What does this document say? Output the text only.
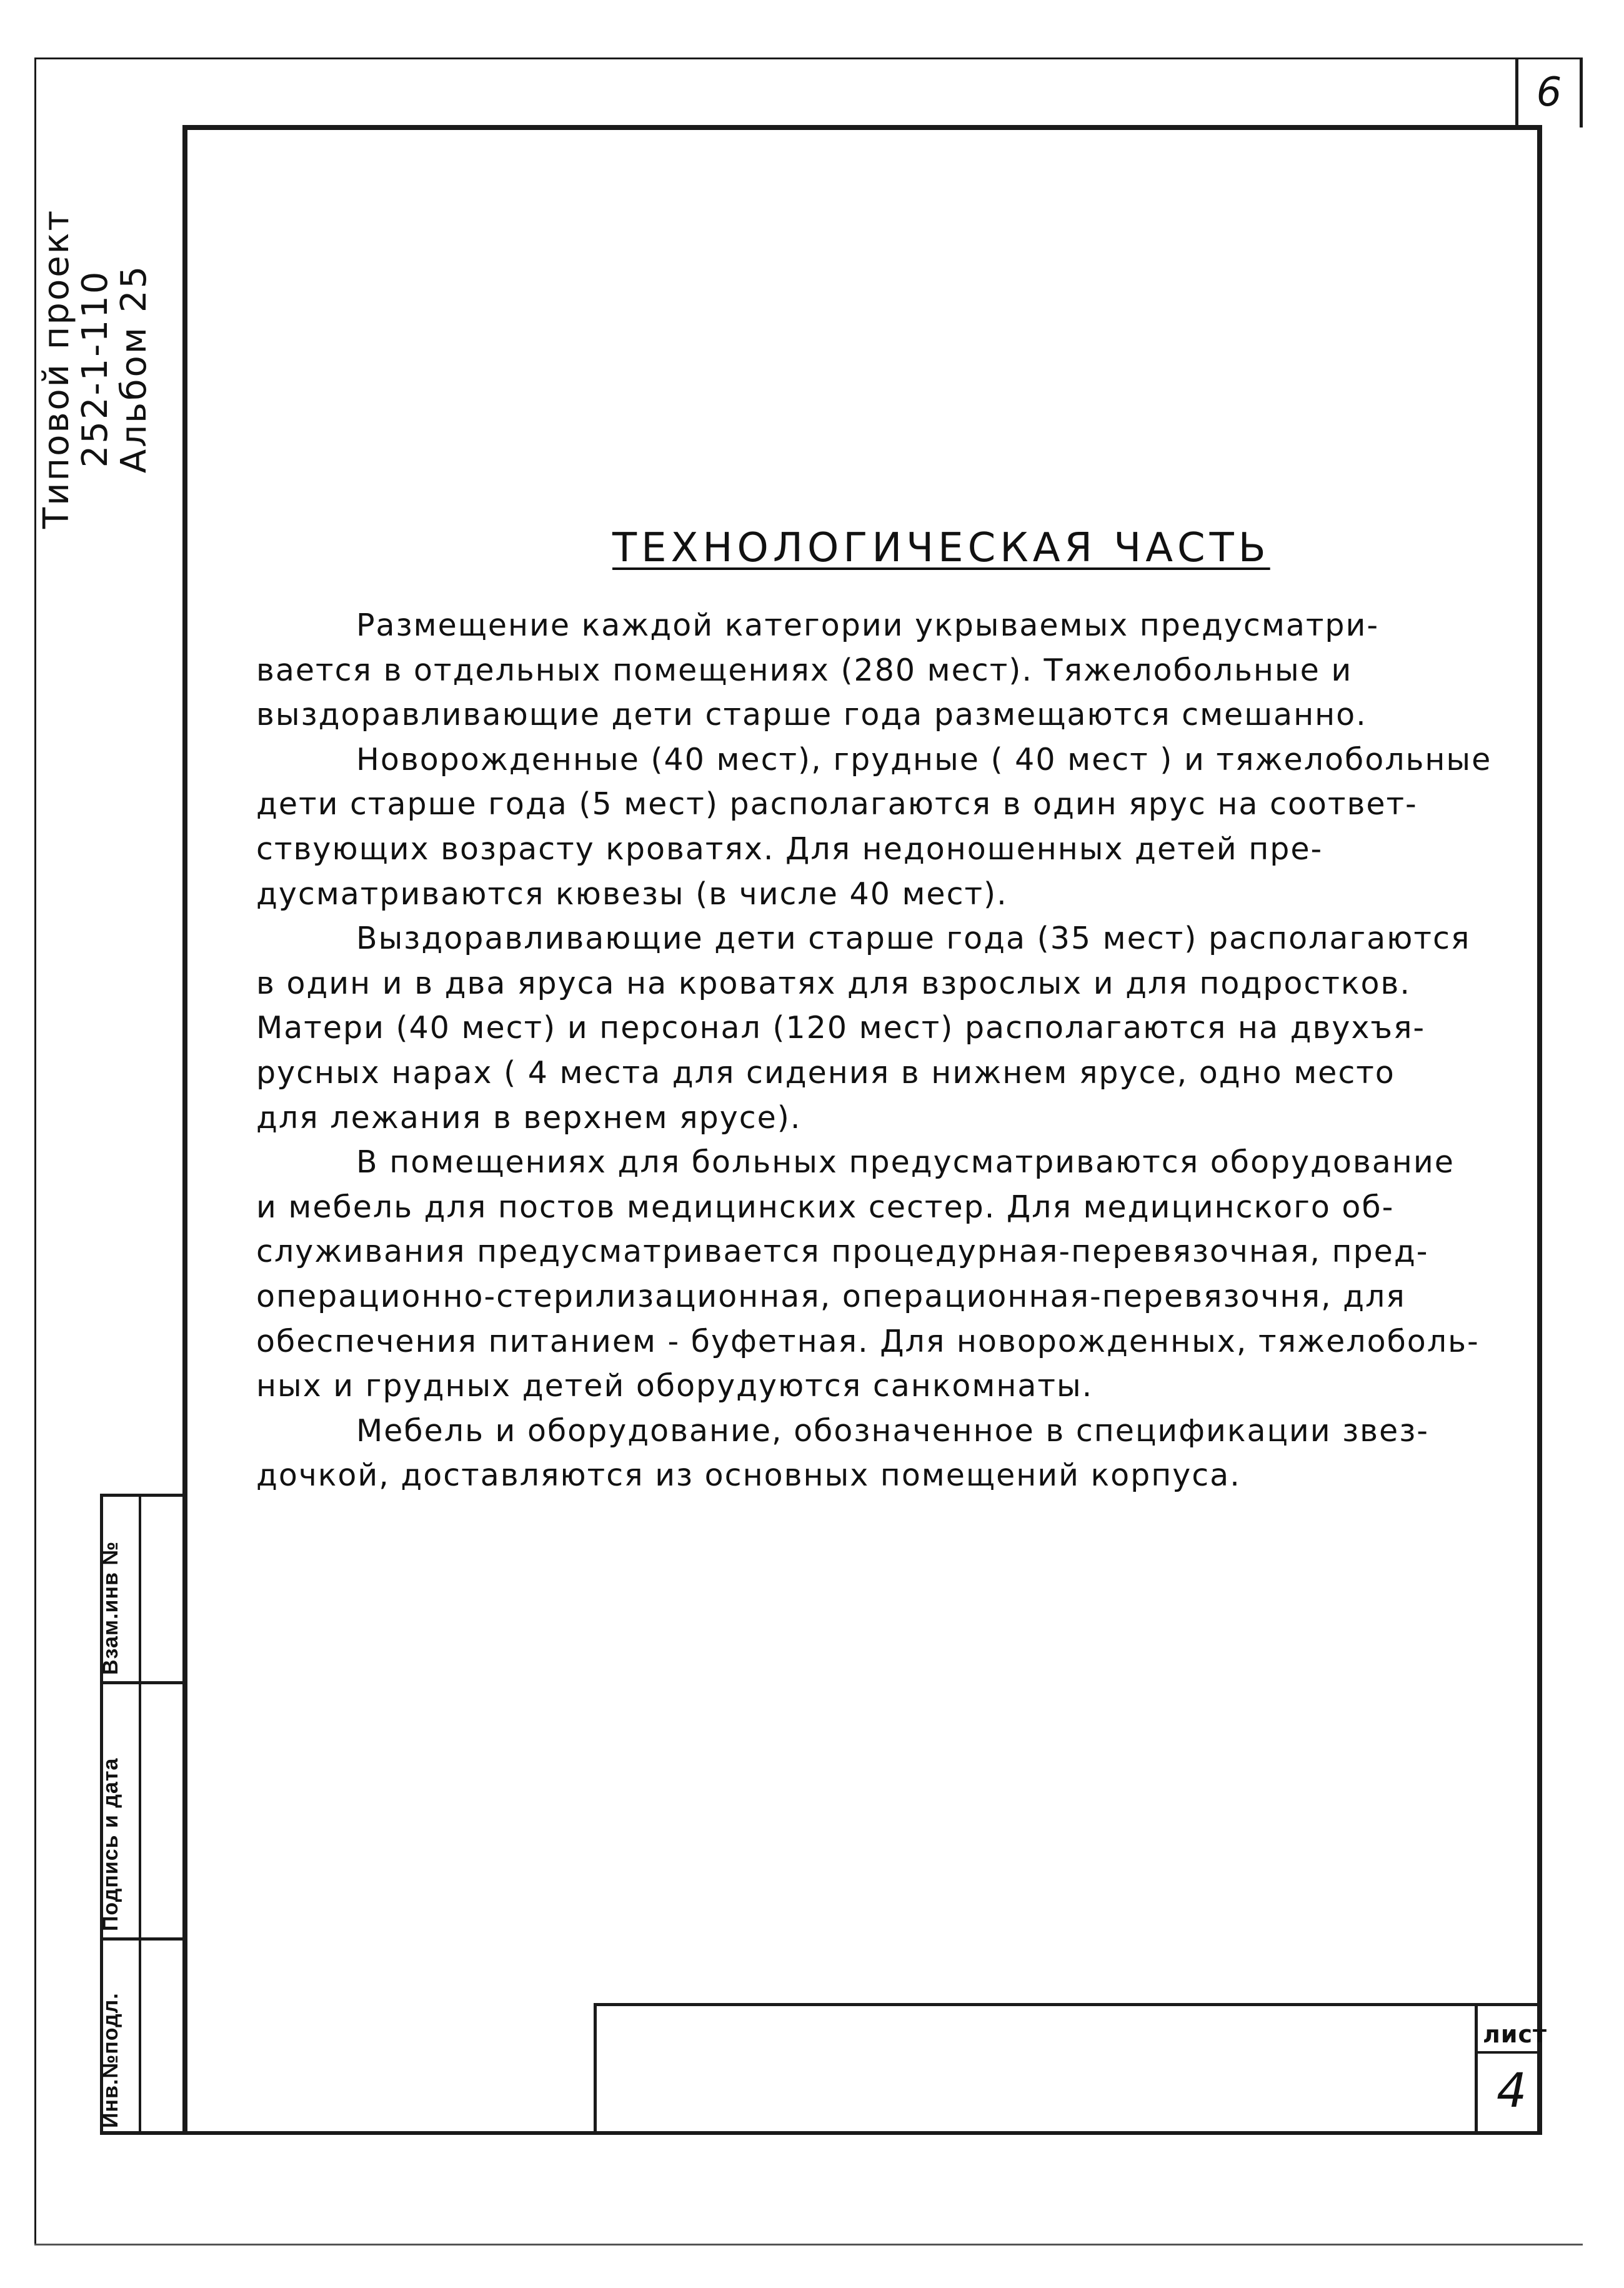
6
Типовой проект
252-1-110
Альбом 25
Взам.инв №
Подпись и дата
Инв.№подл.
ТЕХНОЛОГИЧЕСКАЯ ЧАСТЬ
Размещение каждой категории укрываемых предусматри-
вается в отдельных помещениях (280 мест). Тяжелобольные и
выздоравливающие дети старше года размещаются смешанно.
Новорожденные (40 мест), грудные ( 40 мест ) и тяжелобольные
дети старше года (5 мест) располагаются в один ярус на соответ-
ствующих возрасту кроватях. Для недоношенных детей пре-
дусматриваются кювезы (в числе 40 мест).
Выздоравливающие дети старше года (35 мест) располагаются
в один и в два яруса на кроватях для взрослых и для подростков.
Матери (40 мест) и персонал (120 мест) располагаются на двухъя-
русных нарах ( 4 места для сидения в нижнем ярусе, одно место
для лежания в верхнем ярусе).
В помещениях для больных предусматриваются оборудование
и мебель для постов медицинских сестер. Для медицинского об-
служивания предусматривается процедурная-перевязочная, пред-
операционно-стерилизационная, операционная-перевязочня, для
обеспечения питанием - буфетная. Для новорожденных, тяжелоболь-
ных и грудных детей оборудуются санкомнаты.
Мебель и оборудование, обозначенное в спецификации звез-
дочкой, доставляются из основных помещений корпуса.
лист
4
